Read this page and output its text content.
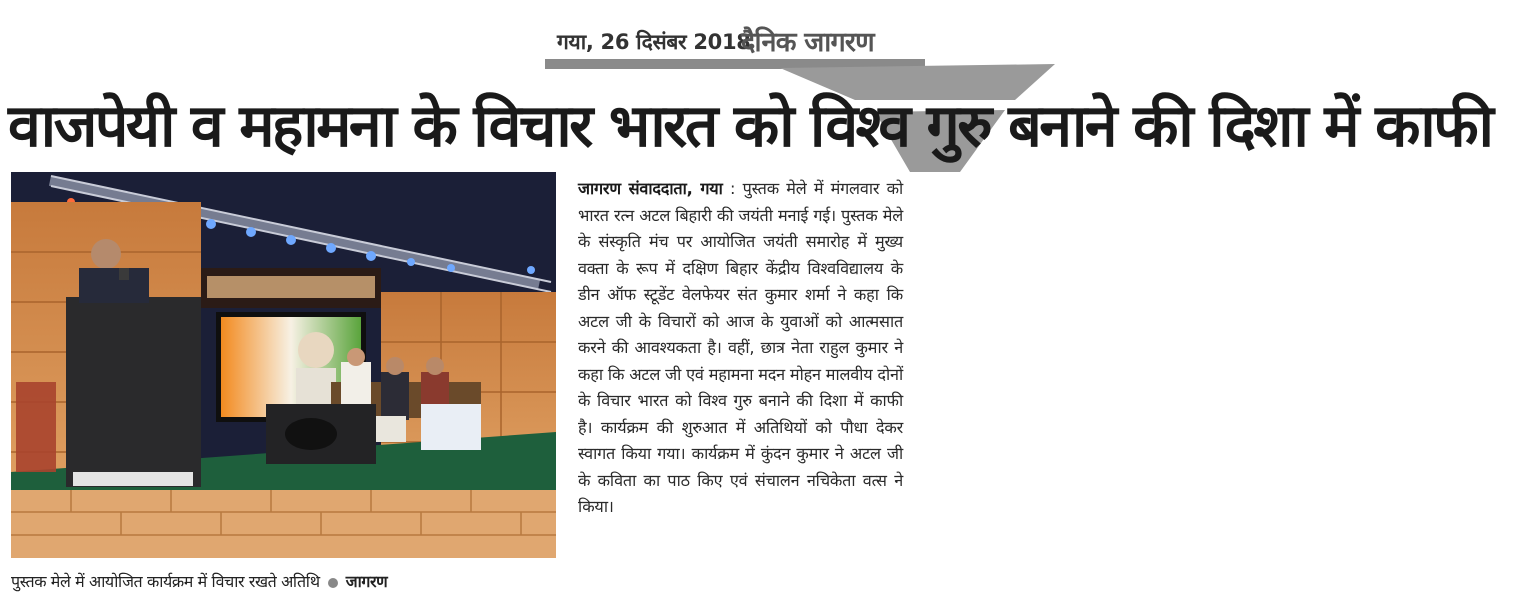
गया, 26 दिसंबर 2018
दैनिक जागरण
वाजपेयी व महामना के विचार भारत को विश्व गुरु बनाने की दिशा में काफी
पुस्तक मेले में आयोजित कार्यक्रम में विचार रखते अतिथि जागरण
जागरण संवाददाता, गया : पुस्तक मेले में मंगलवार को भारत रत्न अटल बिहारी की जयंती मनाई गई। पुस्तक मेले के संस्कृति मंच पर आयोजित जयंती समारोह में मुख्य वक्ता के रूप में दक्षिण बिहार केंद्रीय विश्वविद्यालय के डीन ऑफ स्टूडेंट वेलफेयर संत कुमार शर्मा ने कहा कि अटल जी के विचारों को आज के युवाओं को आत्मसात करने की आवश्यकता है। वहीं, छात्र नेता राहुल कुमार ने कहा कि अटल जी एवं महामना मदन मोहन मालवीय दोनों के विचार भारत को विश्व गुरु बनाने की दिशा में काफी है। कार्यक्रम की शुरुआत में अतिथियों को पौधा देकर स्वागत किया गया। कार्यक्रम में कुंदन कुमार ने अटल जी के कविता का पाठ किए एवं संचालन नचिकेता वत्स ने किया।
